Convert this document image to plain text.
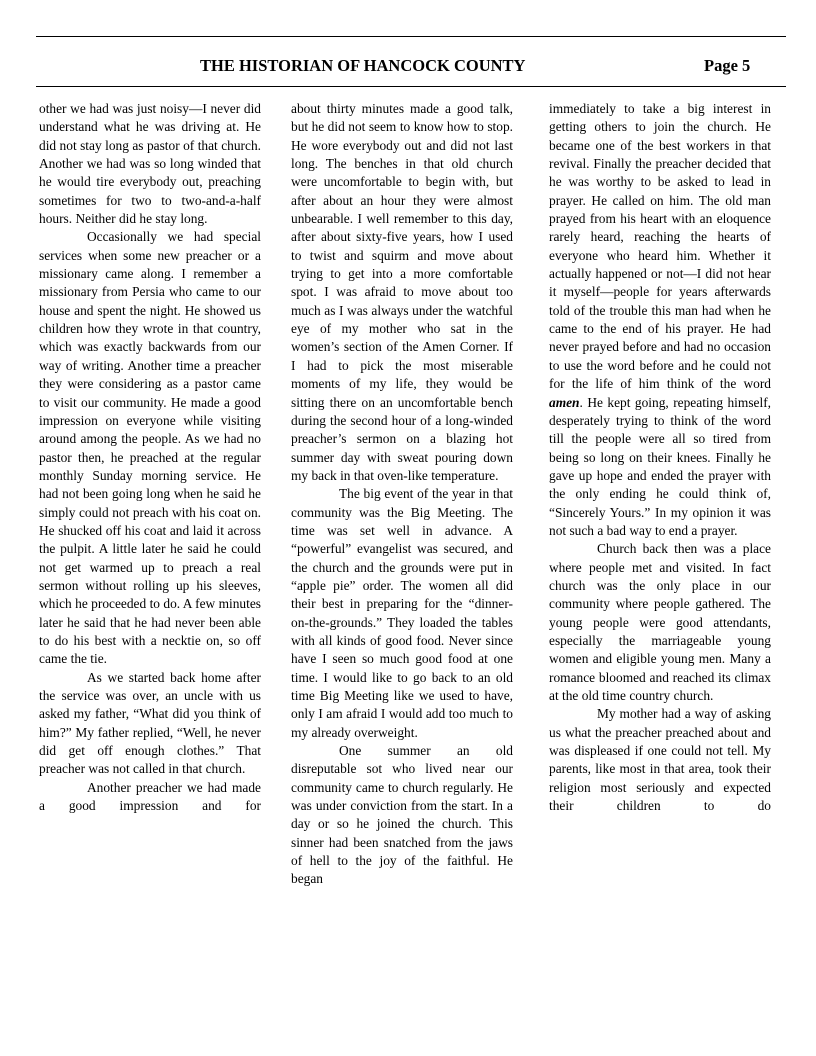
THE HISTORIAN OF HANCOCK COUNTY	Page 5

other we had was just noisy—I never did understand what he was driving at. He did not stay long as pastor of that church. Another we had was so long winded that he would tire everybody out, preaching sometimes for two to two-and-a-half hours. Neither did he stay long.

Occasionally we had special services when some new preacher or a missionary came along. I remember a missionary from Persia who came to our house and spent the night. He showed us children how they wrote in that country, which was exactly backwards from our way of writing. Another time a preacher they were considering as a pastor came to visit our community. He made a good impression on everyone while visiting around among the people. As we had no pastor then, he preached at the regular monthly Sunday morning service. He had not been going long when he said he simply could not preach with his coat on. He shucked off his coat and laid it across the pulpit. A little later he said he could not get warmed up to preach a real sermon without rolling up his sleeves, which he proceeded to do. A few minutes later he said that he had never been able to do his best with a necktie on, so off came the tie.

As we started back home after the service was over, an uncle with us asked my father, “What did you think of him?” My father replied, “Well, he never did get off enough clothes.” That preacher was not called in that church.

Another preacher we had made a good impression and for

about thirty minutes made a good talk, but he did not seem to know how to stop. He wore everybody out and did not last long. The benches in that old church were uncomfortable to begin with, but after about an hour they were almost unbearable. I well remember to this day, after about sixty-five years, how I used to twist and squirm and move about trying to get into a more comfortable spot. I was afraid to move about too much as I was always under the watchful eye of my mother who sat in the women’s section of the Amen Corner. If I had to pick the most miserable moments of my life, they would be sitting there on an uncomfortable bench during the second hour of a long-winded preacher’s sermon on a blazing hot summer day with sweat pouring down my back in that oven-like temperature.

The big event of the year in that community was the Big Meeting. The time was set well in advance. A “powerful” evangelist was secured, and the church and the grounds were put in “apple pie” order. The women all did their best in preparing for the “dinner-on-the-grounds.” They loaded the tables with all kinds of good food. Never since have I seen so much good food at one time. I would like to go back to an old time Big Meeting like we used to have, only I am afraid I would add too much to my already overweight.

One summer an old disreputable sot who lived near our community came to church regularly. He was under conviction from the start. In a day or so he joined the church. This sinner had been snatched from the jaws of hell to the joy of the faithful. He began

immediately to take a big interest in getting others to join the church. He became one of the best workers in that revival. Finally the preacher decided that he was worthy to be asked to lead in prayer. He called on him. The old man prayed from his heart with an eloquence rarely heard, reaching the hearts of everyone who heard him. Whether it actually happened or not—I did not hear it myself—people for years afterwards told of the trouble this man had when he came to the end of his prayer. He had never prayed before and had no occasion to use the word before and he could not for the life of him think of the word amen. He kept going, repeating himself, desperately trying to think of the word till the people were all so tired from being so long on their knees. Finally he gave up hope and ended the prayer with the only ending he could think of, “Sincerely Yours.” In my opinion it was not such a bad way to end a prayer.

Church back then was a place where people met and visited. In fact church was the only place in our community where people gathered. The young people were good attendants, especially the marriageable young women and eligible young men. Many a romance bloomed and reached its climax at the old time country church.

My mother had a way of asking us what the preacher preached about and was displeased if one could not tell. My parents, like most in that area, took their religion most seriously and expected their children to do
